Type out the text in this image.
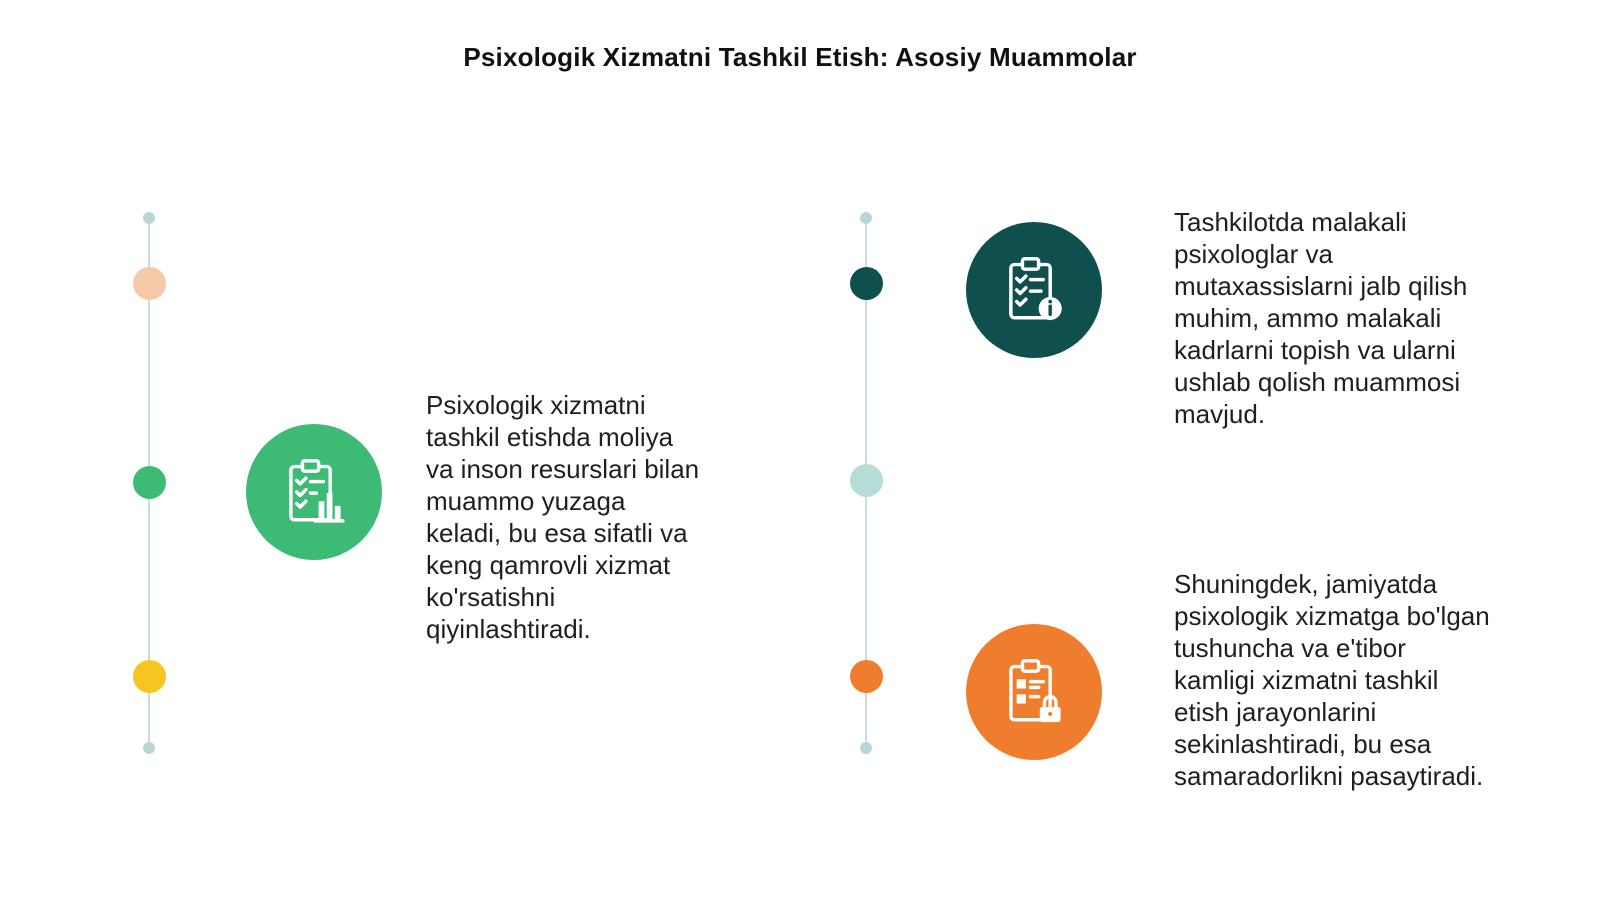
Psixologik Xizmatni Tashkil Etish: Asosiy Muammolar
Psixologik xizmatni
tashkil etishda moliya
va inson resurslari bilan
muammo yuzaga
keladi, bu esa sifatli va
keng qamrovli xizmat
ko'rsatishni
qiyinlashtiradi.
Tashkilotda malakali
psixologlar va
mutaxassislarni jalb qilish
muhim, ammo malakali
kadrlarni topish va ularni
ushlab qolish muammosi
mavjud.
Shuningdek, jamiyatda
psixologik xizmatga bo'lgan
tushuncha va e'tibor
kamligi xizmatni tashkil
etish jarayonlarini
sekinlashtiradi, bu esa
samaradorlikni pasaytiradi.
